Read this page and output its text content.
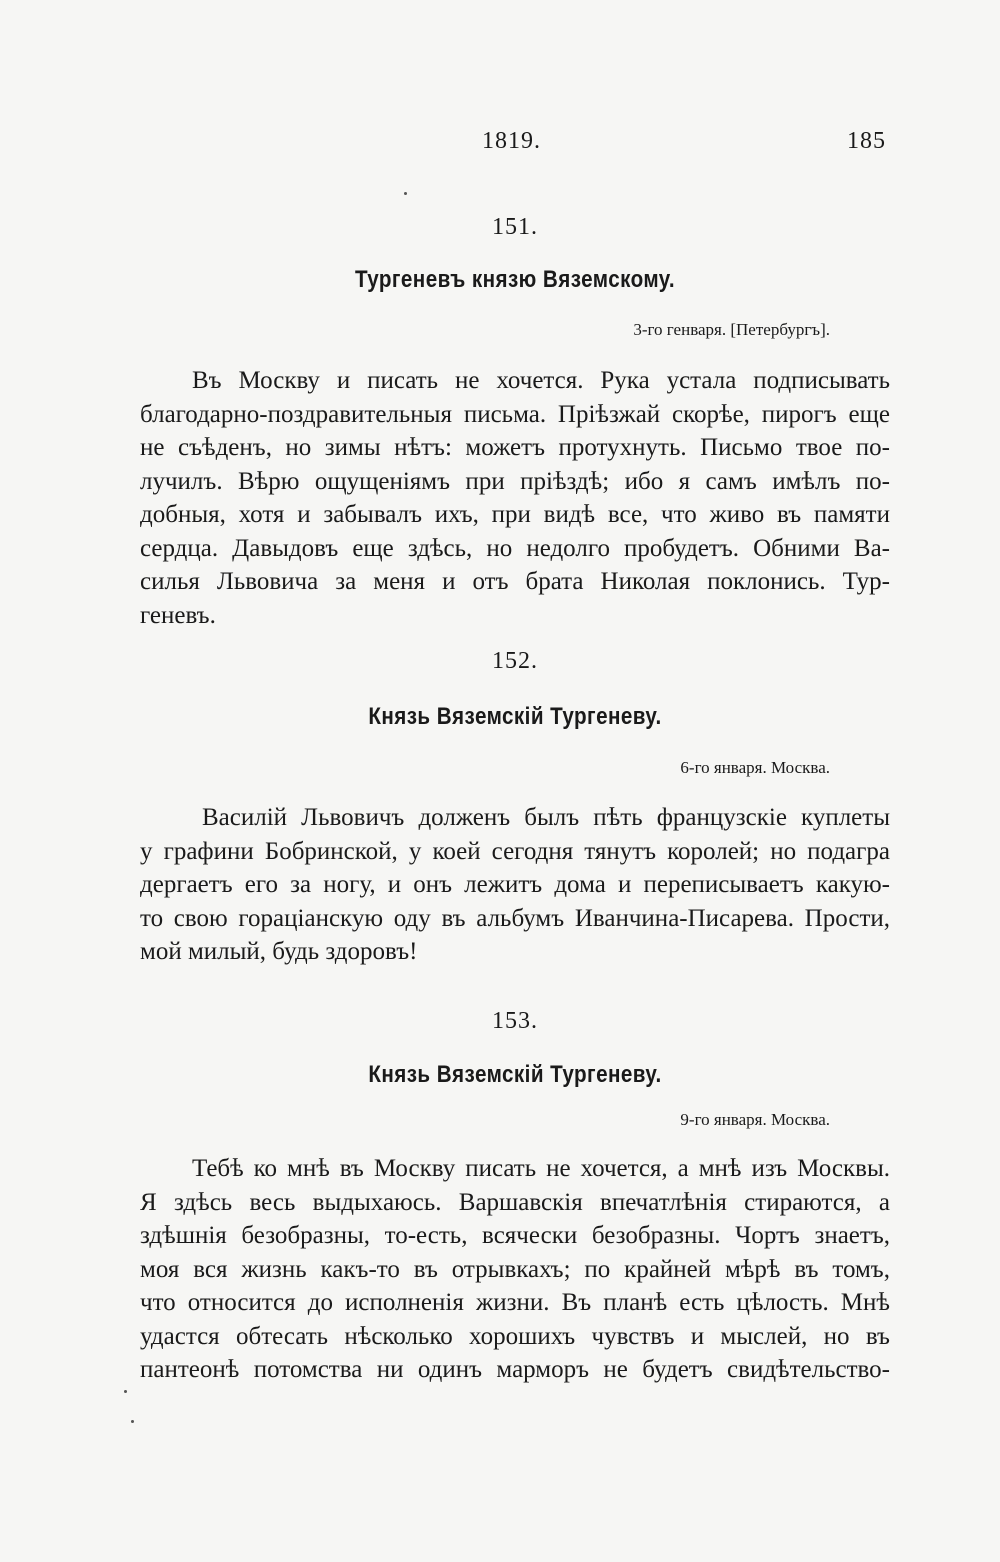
1819.	185
151.
Тургеневъ князю Вяземскому.
3-го генваря. [Петербургъ].
Въ Москву и писать не хочется. Рука устала подписывать
благодарно-поздравительныя письма. Пріѣзжай скорѣе, пирогъ еще
не съѣденъ, но зимы нѣтъ: можетъ протухнуть. Письмо твое по-
лучилъ. Вѣрю ощущеніямъ при пріѣздѣ; ибо я самъ имѣлъ по-
добныя, хотя и забывалъ ихъ, при видѣ все, что живо въ памяти
сердца. Давыдовъ еще здѣсь, но недолго пробудетъ. Обними Ва-
силья Львовича за меня и отъ брата Николая поклонись. Тур-
геневъ.
152.
Князь Вяземскій Тургеневу.
6-го января. Москва.
Василій Львовичъ долженъ былъ пѣть французскіе куплеты
у графини Бобринской, у коей сегодня тянутъ королей; но подагра
дергаетъ его за ногу, и онъ лежитъ дома и переписываетъ какую-
то свою гораціанскую оду въ альбумъ Иванчина-Писарева. Прости,
мой милый, будь здоровъ!
153.
Князь Вяземскій Тургеневу.
9-го января. Москва.
Тебѣ ко мнѣ въ Москву писать не хочется, а мнѣ изъ Москвы.
Я здѣсь весь выдыхаюсь. Варшавскія впечатлѣнія стираются, а
здѣшнія безобразны, то-есть, всячески безобразны. Чортъ знаетъ,
моя вся жизнь какъ-то въ отрывкахъ; по крайней мѣрѣ въ томъ,
что относится до исполненія жизни. Въ планѣ есть цѣлость. Мнѣ
удастся обтесать нѣсколько хорошихъ чувствъ и мыслей, но въ
пантеонѣ потомства ни одинъ марморъ не будетъ свидѣтельство-
